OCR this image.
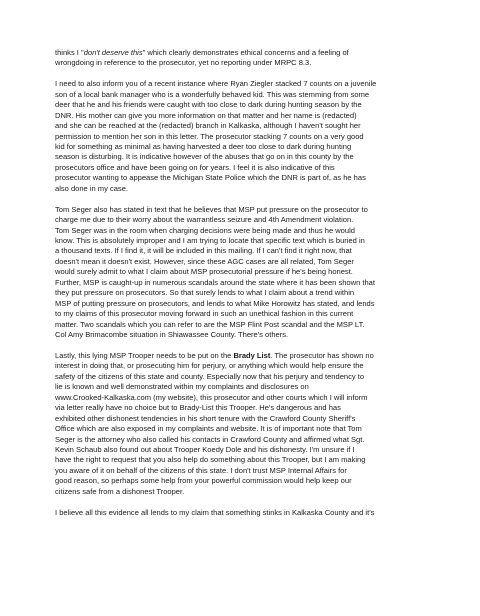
thinks I "don't deserve this" which clearly demonstrates ethical concerns and a feeling of
wrongdoing in reference to the prosecutor, yet no reporting under MRPC 8.3.

I need to also inform you of a recent instance where Ryan Ziegler stacked 7 counts on a juvenile
son of a local bank manager who is a wonderfully behaved kid. This was stemming from some
deer that he and his friends were caught with too close to dark during hunting season by the
DNR. His mother can give you more information on that matter and her name is (redacted)
and she can be reached at the (redacted) branch in Kalkaska, although I haven't sought her
permission to mention her son in this letter. The prosecutor stacking 7 counts on a very good
kid for something as minimal as having harvested a deer too close to dark during hunting
season is disturbing. It is indicative however of the abuses that go on in this county by the
prosecutors office and have been going on for years. I feel it is also indicative of this
prosecutor wanting to appease the Michigan State Police which the DNR is part of, as he has
also done in my case.

Tom Seger also has stated in text that he believes that MSP put pressure on the prosecutor to
charge me due to their worry about the warrantless seizure and 4th Amendment violation.
Tom Seger was in the room when charging decisions were being made and thus he would
know. This is absolutely improper and I am trying to locate that specific text which is buried in
a thousand texts. If I find it, it will be included in this mailing. If I can't find it right now, that
doesn't mean it doesn't exist. However, since these AGC cases are all related, Tom Seger
would surely admit to what I claim about MSP prosecutorial pressure if he's being honest.
Further, MSP is caught-up in numerous scandals around the state where it has been shown that
they put pressure on prosecutors. So that surely lends to what I claim about a trend within
MSP of putting pressure on prosecutors, and lends to what Mike Horowitz has stated, and lends
to my claims of this prosecutor moving forward in such an unethical fashion in this current
matter. Two scandals which you can refer to are the MSP Flint Post scandal and the MSP LT.
Col Amy Brimacombe situation in Shiawassee County. There's others.

Lastly, this lying MSP Trooper needs to be put on the Brady List. The prosecutor has shown no
interest in doing that, or prosecuting him for perjury, or anything which would help ensure the
safety of the citizens of this state and county. Especially now that his perjury and tendency to
lie is known and well demonstrated within my complaints and disclosures on
www.Crooked-Kalkaska.com (my website), this prosecutor and other courts which I will inform
via letter really have no choice but to Brady-List this Trooper. He's dangerous and has
exhibited other dishonest tendencies in his short tenure with the Crawford County Sheriff's
Office which are also exposed in my complaints and website. It is of important note that Tom
Seger is the attorney who also called his contacts in Crawford County and affirmed what Sgt.
Kevin Schaub also found out about Trooper Koedy Dole and his dishonesty. I'm unsure if I
have the right to request that you also help do something about this Trooper, but I am making
you aware of it on behalf of the citizens of this state. I don't trust MSP Internal Affairs for
good reason, so perhaps some help from your powerful commission would help keep our
citizens safe from a dishonest Trooper.

I believe all this evidence all lends to my claim that something stinks in Kalkaska County and it's
